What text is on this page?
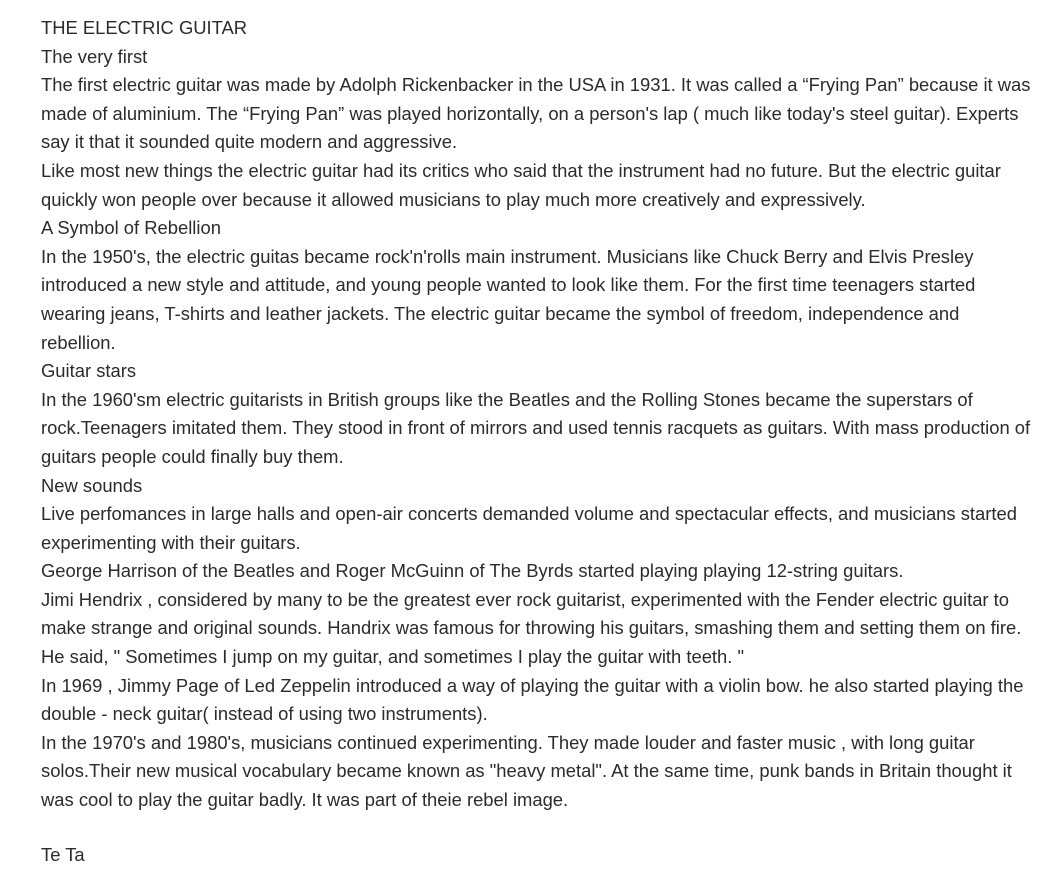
THE ELECTRIC GUITAR

The very first

The first electric guitar was made by Adolph Rickenbacker in the USA in 1931. It was called a “Frying Pan” because it was made of aluminium. The “Frying Pan” was played horizontally, on a person's lap ( much like today's steel guitar). Experts say it that it sounded quite modern and aggressive.

Like most new things the electric guitar had its critics who said that the instrument had no future. But the electric guitar quickly won people over because it allowed musicians to play much more creatively and expressively.

A Symbol of Rebellion

In the 1950's, the electric guitas became rock'n'rolls main instrument. Musicians like Chuck Berry and Elvis Presley introduced a new style and attitude, and young people wanted to look like them. For the first time teenagers started wearing jeans, T-shirts and leather jackets. The electric guitar became the symbol of freedom, independence and rebellion.

Guitar stars

In the 1960'sm electric guitarists in British groups like the Beatles and the Rolling Stones became the superstars of rock.Teenagers imitated them. They stood in front of mirrors and used tennis racquets as guitars. With mass production of guitars people could finally buy them.

New sounds

Live perfomances in large halls and open-air concerts demanded volume and spectacular effects, and musicians started experimenting with their guitars.

George Harrison of the Beatles and Roger McGuinn of The Byrds started playing playing 12-string guitars.

Jimi Hendrix , considered by many to be the greatest ever rock guitarist, experimented with the Fender electric guitar to make strange and original sounds. Handrix was famous for throwing his guitars, smashing them and setting them on fire. He said, " Sometimes I jump on my guitar, and sometimes I play the guitar with teeth. "

In 1969 , Jimmy Page of Led Zeppelin introduced a way of playing the guitar with a violin bow. he also started playing the double - neck guitar( instead of using two instruments).

In the 1970's and 1980's, musicians continued experimenting. They made louder and faster music , with long guitar solos.Their new musical vocabulary became known as "heavy metal". At the same time, punk bands in Britain thought it was cool to play the guitar badly. It was part of theie rebel image.

Te Ta
